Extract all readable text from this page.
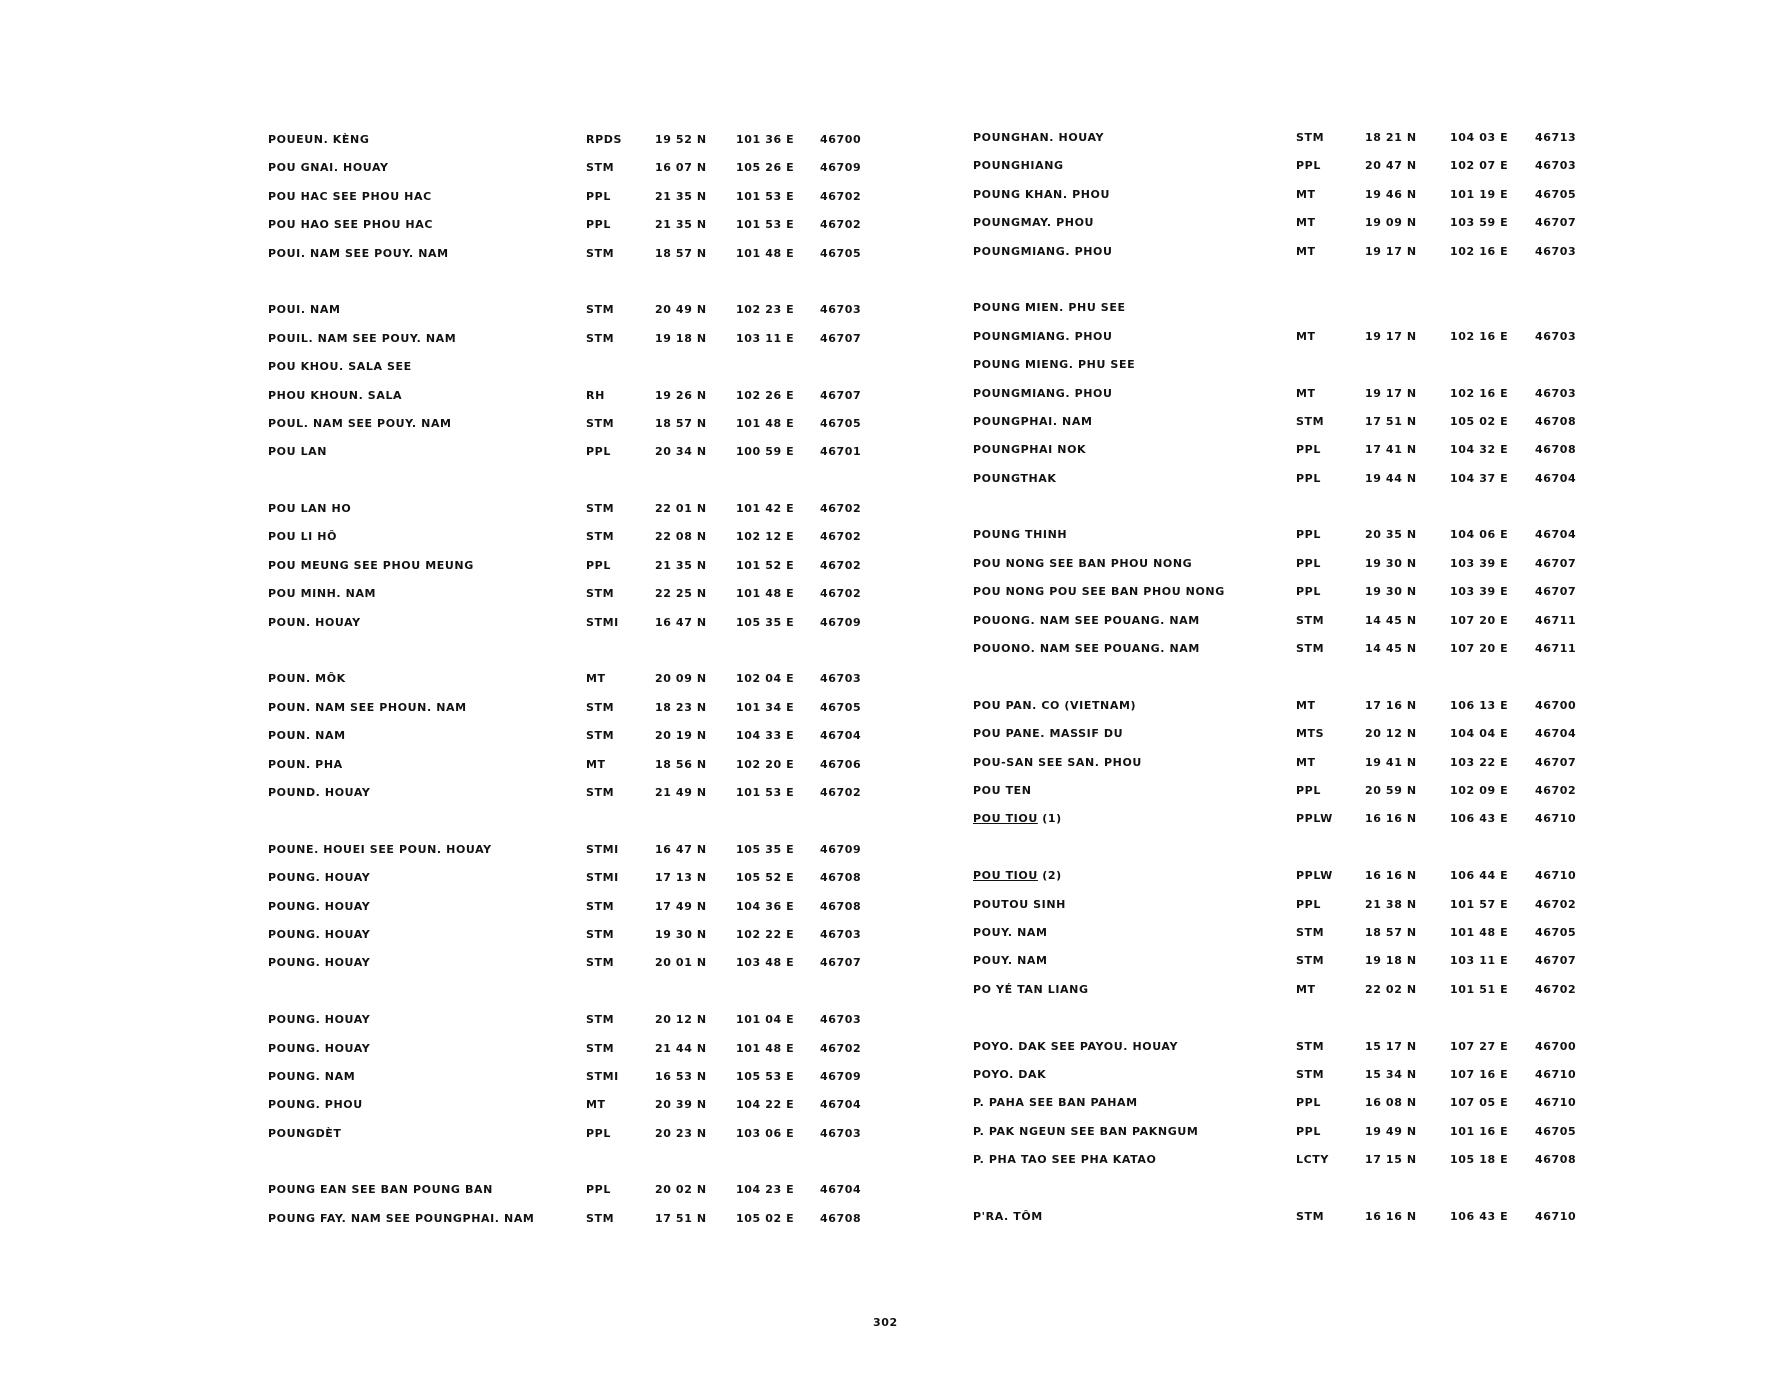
POUEUN. KÈNG	RPDS	19 52 N	101 36 E 46700
POU GNAI. HOUAY	STM	16 07 N	105 26 E 46709
POU HAC SEE PHOU HAC	PPL	21 35 N	101 53 E 46702
POU HAO SEE PHOU HAC	PPL	21 35 N	101 53 E 46702
POUI. NAM SEE POUY. NAM	STM	18 57 N	101 48 E 46705
POUI. NAM	STM	20 49 N	102 23 E 46703
POUIL. NAM SEE POUY. NAM	STM	19 18 N	103 11 E 46707
POU KHOU. SALA SEE
PHOU KHOUN. SALA	RH	19 26 N	102 26 E 46707
POUL. NAM SEE POUY. NAM	STM	18 57 N	101 48 E 46705
POU LAN	PPL	20 34 N	100 59 E 46701
POU LAN HO	STM	22 01 N	101 42 E 46702
POU LI HÔ	STM	22 08 N	102 12 E 46702
POU MEUNG SEE PHOU MEUNG	PPL	21 35 N	101 52 E 46702
POU MINH. NAM	STM	22 25 N	101 48 E 46702
POUN. HOUAY	STMI	16 47 N	105 35 E 46709
POUN. MÔK	MT	20 09 N	102 04 E 46703
POUN. NAM SEE PHOUN. NAM	STM	18 23 N	101 34 E 46705
POUN. NAM	STM	20 19 N	104 33 E 46704
POUN. PHA	MT	18 56 N	102 20 E 46706
POUND. HOUAY	STM	21 49 N	101 53 E 46702
POUNE. HOUEI SEE POUN. HOUAY	STMI	16 47 N	105 35 E 46709
POUNG. HOUAY	STMI	17 13 N	105 52 E 46708
POUNG. HOUAY	STM	17 49 N	104 36 E 46708
POUNG. HOUAY	STM	19 30 N	102 22 E 46703
POUNG. HOUAY	STM	20 01 N	103 48 E 46707
POUNG. HOUAY	STM	20 12 N	101 04 E 46703
POUNG. HOUAY	STM	21 44 N	101 48 E 46702
POUNG. NAM	STMI	16 53 N	105 53 E 46709
POUNG. PHOU	MT	20 39 N	104 22 E 46704
POUNGDÈT	PPL	20 23 N	103 06 E 46703
POUNG EAN SEE BAN POUNG BAN	PPL	20 02 N	104 23 E 46704
POUNG FAY. NAM SEE POUNGPHAI. NAM	STM	17 51 N	105 02 E 46708
POUNGHAN. HOUAY	STM	18 21 N	104 03 E 46713
POUNGHIANG	PPL	20 47 N	102 07 E 46703
POUNG KHAN. PHOU	MT	19 46 N	101 19 E 46705
POUNGMAY. PHOU	MT	19 09 N	103 59 E 46707
POUNGMIANG. PHOU	MT	19 17 N	102 16 E 46703
POUNG MIEN. PHU SEE
POUNGMIANG. PHOU	MT	19 17 N	102 16 E 46703
POUNG MIENG. PHU SEE
POUNGMIANG. PHOU	MT	19 17 N	102 16 E 46703
POUNGPHAI. NAM	STM	17 51 N	105 02 E 46708
POUNGPHAI NOK	PPL	17 41 N	104 32 E 46708
POUNGTHAK	PPL	19 44 N	104 37 E 46704
POUNG THINH	PPL	20 35 N	104 06 E 46704
POU NONG SEE BAN PHOU NONG	PPL	19 30 N	103 39 E 46707
POU NONG POU SEE BAN PHOU NONG	PPL	19 30 N	103 39 E 46707
POUONG. NAM SEE POUANG. NAM	STM	14 45 N	107 20 E 46711
POUONO. NAM SEE POUANG. NAM	STM	14 45 N	107 20 E 46711
POU PAN. CO (VIETNAM)	MT	17 16 N	106 13 E 46700
POU PANE. MASSIF DU	MTS	20 12 N	104 04 E 46704
POU-SAN SEE SAN. PHOU	MT	19 41 N	103 22 E 46707
POU TEN	PPL	20 59 N	102 09 E 46702
POU TIOU (1)	PPLW	16 16 N	106 43 E 46710
POU TIOU (2)	PPLW	16 16 N	106 44 E 46710
POUTOU SINH	PPL	21 38 N	101 57 E 46702
POUY. NAM	STM	18 57 N	101 48 E 46705
POUY. NAM	STM	19 18 N	103 11 E 46707
PO YÉ TAN LIANG	MT	22 02 N	101 51 E 46702
POYO. DAK SEE PAYOU. HOUAY	STM	15 17 N	107 27 E 46700
POYO. DAK	STM	15 34 N	107 16 E 46710
P. PAHA SEE BAN PAHAM	PPL	16 08 N	107 05 E 46710
P. PAK NGEUN SEE BAN PAKNGUM	PPL	19 49 N	101 16 E 46705
P. PHA TAO SEE PHA KATAO	LCTY	17 15 N	105 18 E 46708
P'RA. TÔM	STM	16 16 N	106 43 E 46710
302
